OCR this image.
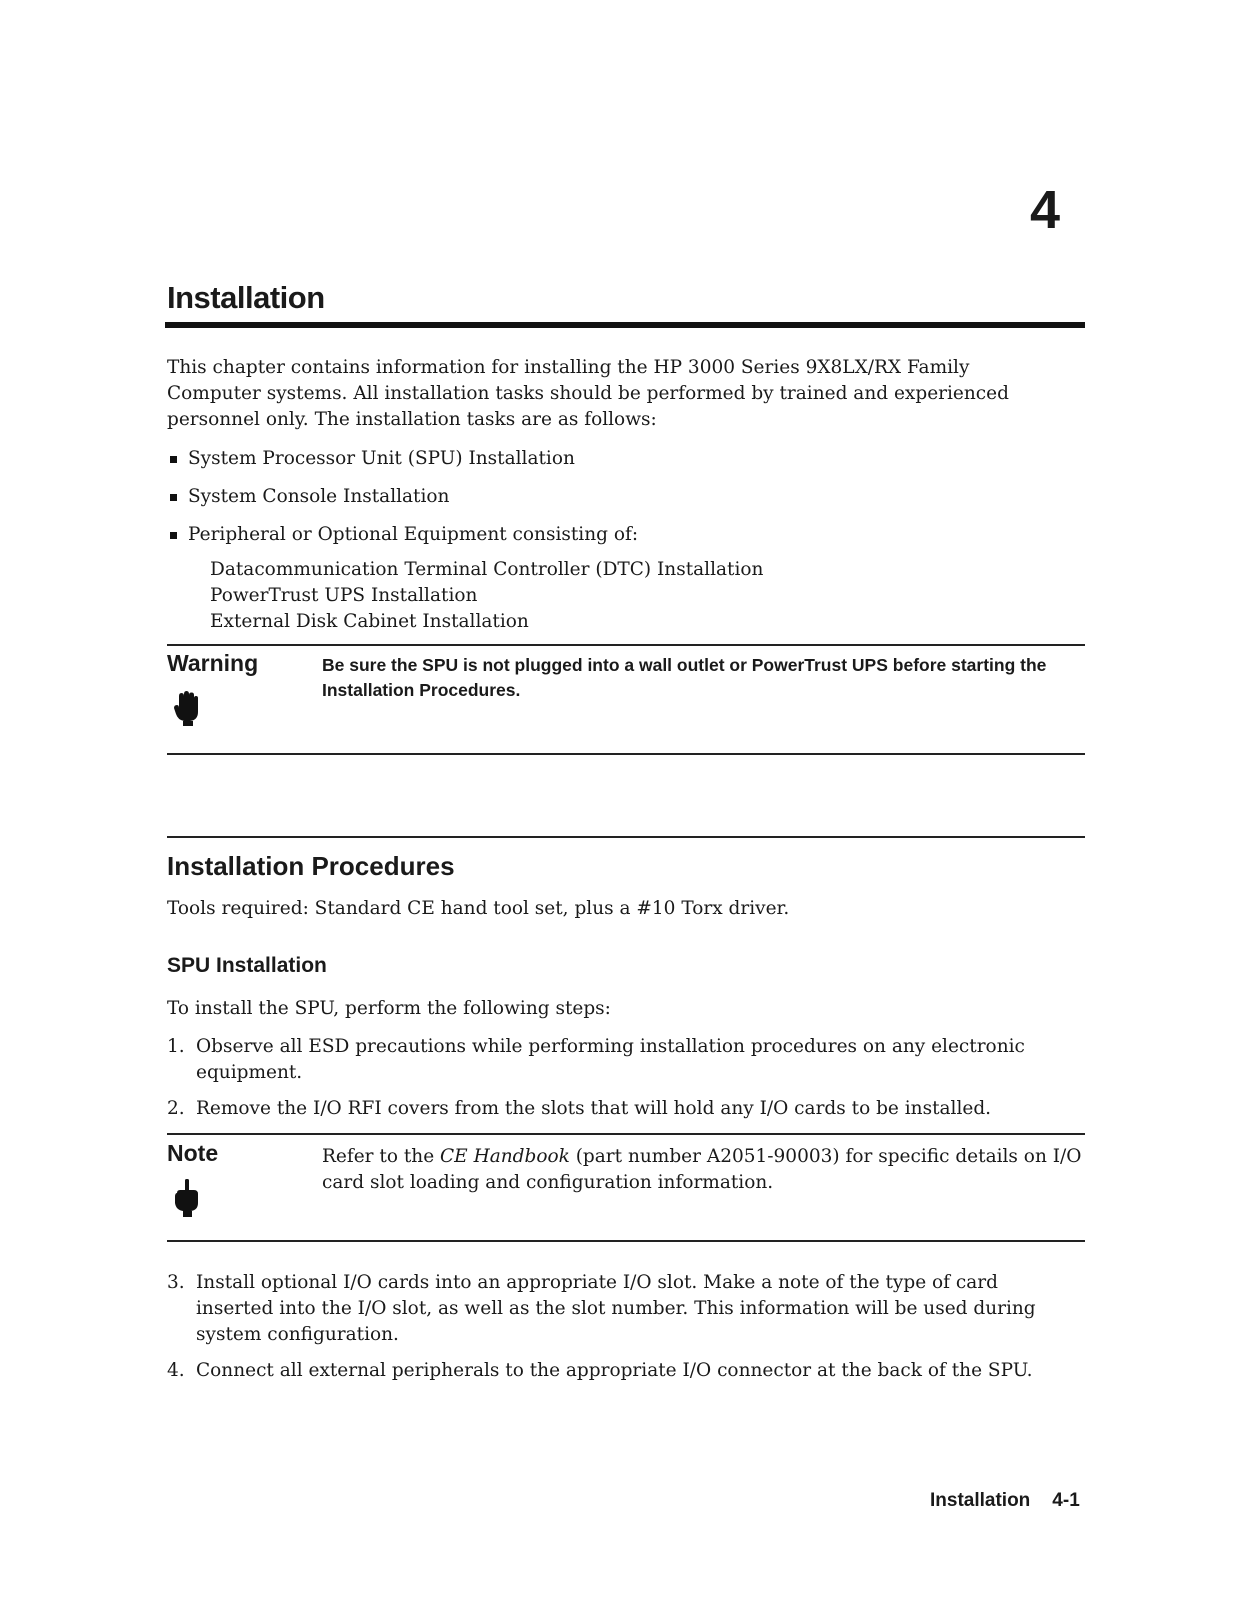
4
Installation

This chapter contains information for installing the HP 3000 Series 9X8LX/RX Family Computer systems. All installation tasks should be performed by trained and experienced personnel only. The installation tasks are as follows:

System Processor Unit (SPU) Installation
System Console Installation
Peripheral or Optional Equipment consisting of:
Datacommunication Terminal Controller (DTC) Installation
PowerTrust UPS Installation
External Disk Cabinet Installation
Warning	Be sure the SPU is not plugged into a wall outlet or PowerTrust UPS before starting the Installation Procedures.
Installation Procedures

Tools required: Standard CE hand tool set, plus a #10 Torx driver.

SPU Installation

To install the SPU, perform the following steps:

1. Observe all ESD precautions while performing installation procedures on any electronic equipment.
2. Remove the I/O RFI covers from the slots that will hold any I/O cards to be installed.
Note	Refer to the CE Handbook (part number A2051-90003) for specific details on I/O card slot loading and configuration information.

3. Install optional I/O cards into an appropriate I/O slot. Make a note of the type of card inserted into the I/O slot, as well as the slot number. This information will be used during system configuration.
4. Connect all external peripherals to the appropriate I/O connector at the back of the SPU.
Installation 4-1
